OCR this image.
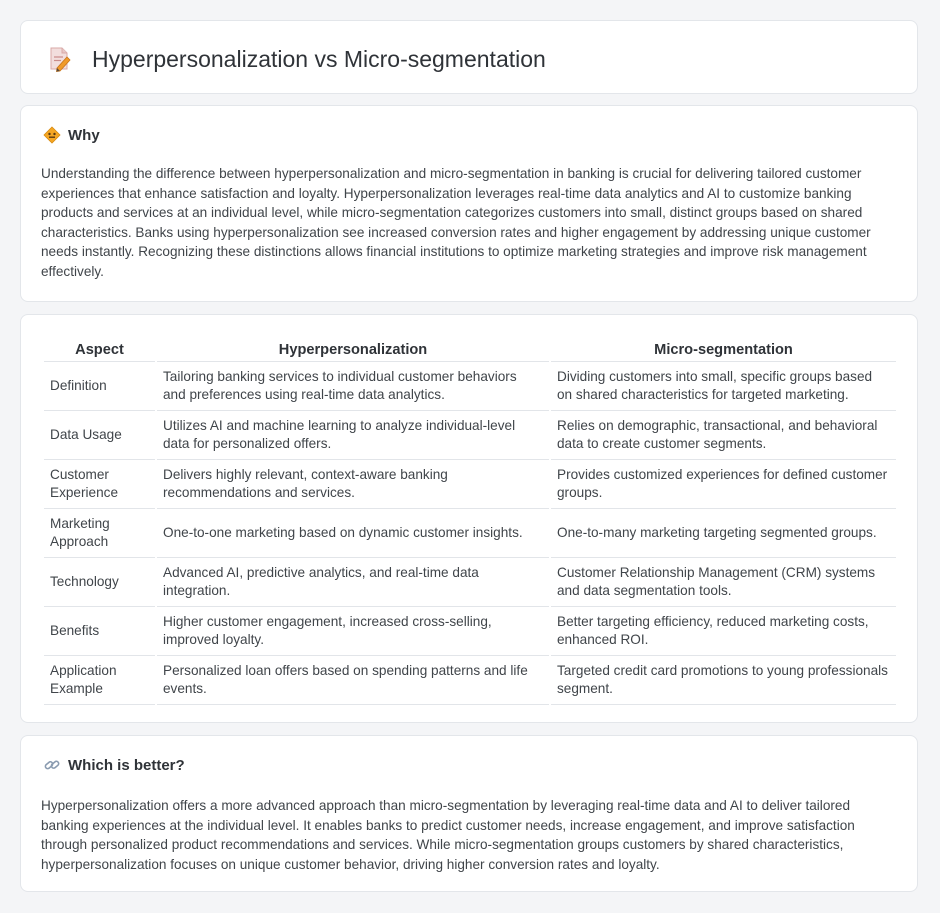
Hyperpersonalization vs Micro-segmentation
Why
Understanding the difference between hyperpersonalization and micro-segmentation in banking is crucial for delivering tailored customer experiences that enhance satisfaction and loyalty. Hyperpersonalization leverages real-time data analytics and AI to customize banking products and services at an individual level, while micro-segmentation categorizes customers into small, distinct groups based on shared characteristics. Banks using hyperpersonalization see increased conversion rates and higher engagement by addressing unique customer needs instantly. Recognizing these distinctions allows financial institutions to optimize marketing strategies and improve risk management effectively.
Aspect	Hyperpersonalization	Micro-segmentation
Definition	Tailoring banking services to individual customer behaviors and preferences using real-time data analytics.	Dividing customers into small, specific groups based on shared characteristics for targeted marketing.
Data Usage	Utilizes AI and machine learning to analyze individual-level data for personalized offers.	Relies on demographic, transactional, and behavioral data to create customer segments.
Customer Experience	Delivers highly relevant, context-aware banking recommendations and services.	Provides customized experiences for defined customer groups.
Marketing Approach	One-to-one marketing based on dynamic customer insights.	One-to-many marketing targeting segmented groups.
Technology	Advanced AI, predictive analytics, and real-time data integration.	Customer Relationship Management (CRM) systems and data segmentation tools.
Benefits	Higher customer engagement, increased cross-selling, improved loyalty.	Better targeting efficiency, reduced marketing costs, enhanced ROI.
Application Example	Personalized loan offers based on spending patterns and life events.	Targeted credit card promotions to young professionals segment.
Which is better?
Hyperpersonalization offers a more advanced approach than micro-segmentation by leveraging real-time data and AI to deliver tailored banking experiences at the individual level. It enables banks to predict customer needs, increase engagement, and improve satisfaction through personalized product recommendations and services. While micro-segmentation groups customers by shared characteristics, hyperpersonalization focuses on unique customer behavior, driving higher conversion rates and loyalty.
